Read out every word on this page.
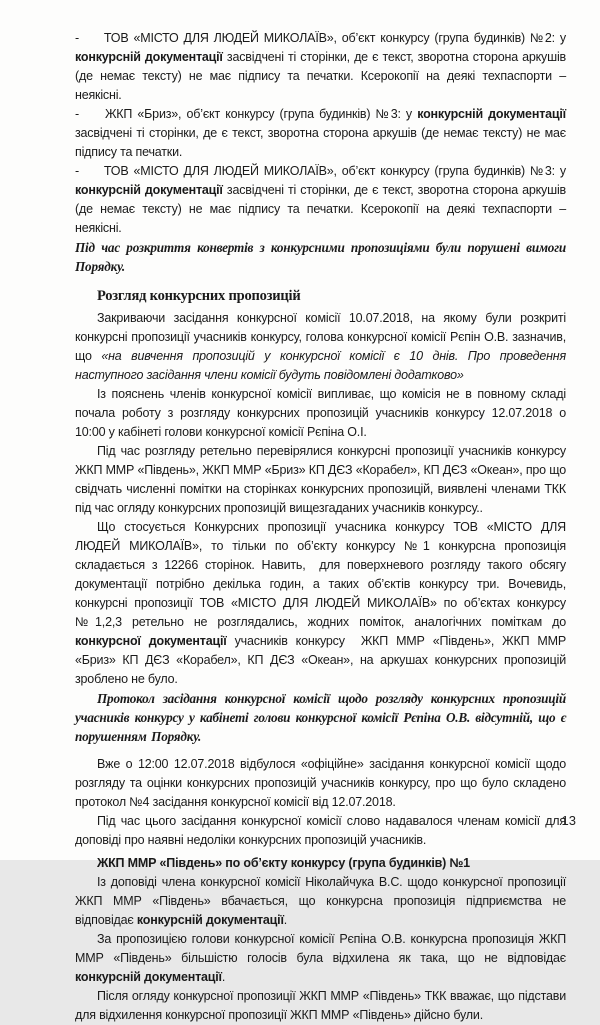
-     ТОВ «МІСТО ДЛЯ ЛЮДЕЙ МИКОЛАЇВ», об’єкт конкурсу (група будинків) №2: у конкурсній документації засвідчені ті сторінки, де є текст, зворотна сторона аркушів (де немає тексту) не має підпису та печатки. Ксерокопії на деякі техпаспорти – неякісні.

-     ЖКП «Бриз», об’єкт конкурсу (група будинків) №3: у конкурсній документації засвідчені ті сторінки, де є текст, зворотна сторона аркушів (де немає тексту) не має підпису та печатки.

-     ТОВ «МІСТО ДЛЯ ЛЮДЕЙ МИКОЛАЇВ», об’єкт конкурсу (група будинків) №3: у конкурсній документації засвідчені ті сторінки, де є текст, зворотна сторона аркушів (де немає тексту) не має підпису та печатки. Ксерокопії на деякі техпаспорти – неякісні.

Під час розкриття конвертів з конкурсними пропозиціями були порушені вимоги Порядку.

Розгляд конкурсних пропозицій

Закриваючи засідання конкурсної комісії 10.07.2018, на якому були розкриті конкурсні пропозиції учасників конкурсу, голова конкурсної комісії Рєпін О.В. зазначив, що «на вивчення пропозицій у конкурсної комісії є 10 днів. Про проведення наступного засідання члени комісії будуть повідомлені додатково»

Із пояснень членів конкурсної комісії випливає, що комісія не в повному складі почала роботу з розгляду конкурсних пропозицій учасників конкурсу 12.07.2018 о 10:00 у кабінеті голови конкурсної комісії Рєпіна О.І.

Під час розгляду ретельно перевірялися конкурсні пропозиції учасників конкурсу ЖКП ММР «Південь», ЖКП ММР «Бриз» КП ДЄЗ «Корабел», КП ДЄЗ «Океан», про що свідчать численні помітки на сторінках конкурсних пропозицій, виявлені членами ТКК під час огляду конкурсних пропозицій вищезгаданих учасників конкурсу..

Що стосується Конкурсних пропозиції учасника конкурсу ТОВ «МІСТО ДЛЯ ЛЮДЕЙ МИКОЛАЇВ», то тільки по об’єкту конкурсу №1 конкурсна пропозиція складається з 12266 сторінок. Навить,  для поверхневого розгляду такого обсягу документації потрібно декілька годин, а таких об’єктів конкурсу три. Вочевидь, конкурсні пропозиції ТОВ «МІСТО ДЛЯ ЛЮДЕЙ МИКОЛАЇВ» по об’єктах конкурсу №1,2,3 ретельно не розглядались, жодних поміток, аналогічних поміткам до конкурсної документації учасників конкурсу  ЖКП ММР «Південь», ЖКП ММР «Бриз» КП ДЄЗ «Корабел», КП ДЄЗ «Океан», на аркушах конкурсних пропозицій зроблено не було.

Протокол засідання конкурсної комісії щодо розгляду конкурсних пропозицій учасників конкурсу у кабінеті голови конкурсної комісії Рєпіна О.В. відсутній, що є порушенням Порядку.

Вже о 12:00 12.07.2018 відбулося «офіційне» засідання конкурсної комісії щодо розгляду та оцінки конкурсних пропозицій учасників конкурсу, про що було складено протокол №4 засідання конкурсної комісії від 12.07.2018.

Під час цього засідання конкурсної комісії слово надавалося членам комісії для доповіді про наявні недоліки конкурсних пропозицій учасників.

ЖКП ММР «Південь» по об’єкту конкурсу (група будинків) №1

Із доповіді члена конкурсної комісії Ніколайчука В.С. щодо конкурсної пропозиції ЖКП ММР «Південь» вбачається, що конкурсна пропозиція підприємства не відповідає конкурсній документації.

За пропозицією голови конкурсної комісії Рєпіна О.В. конкурсна пропозиція ЖКП ММР «Південь» більшістю голосів була відхилена як така, що не відповідає конкурсній документації.

Після огляду конкурсної пропозиції ЖКП ММР «Південь» ТКК вважає, що підстави для відхилення конкурсної пропозиції ЖКП ММР «Південь» дійсно були.

13
